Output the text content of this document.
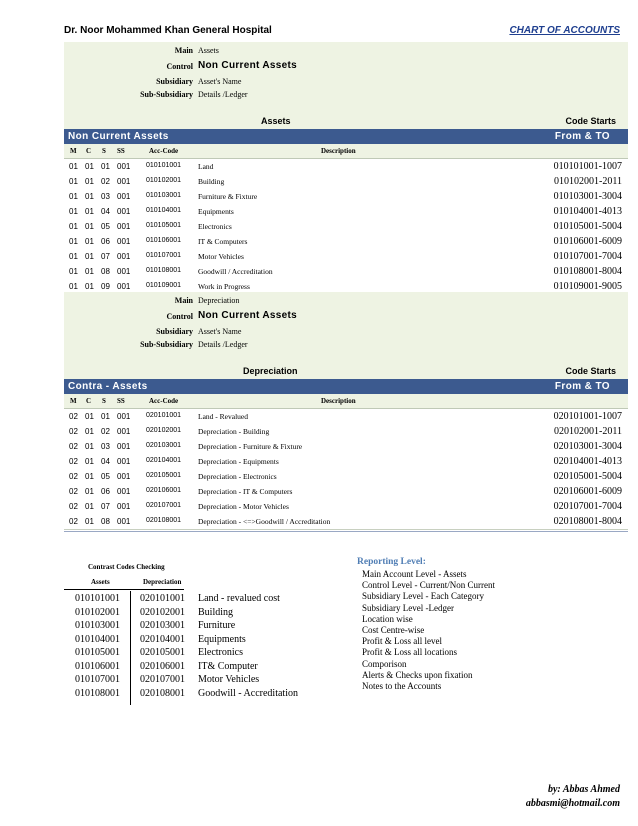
Dr. Noor Mohammed Khan General Hospital	CHART OF ACCOUNTS
Main Assets
Control Non Current Assets
Subsidiary Asset's Name
Sub-Subsidiary Details /Ledger
Assets	Code Starts
Non Current Assets	From & TO
M C S SS	Acc-Code	Description
01 01 01 001 010101001 Land	010101001-1007
01 01 02 001 010102001 Building	010102001-2011
01 01 03 001 010103001 Furniture & Fixture	010103001-3004
01 01 04 001 010104001 Equipments	010104001-4013
01 01 05 001 010105001 Electronics	010105001-5004
01 01 06 001 010106001 IT & Computers	010106001-6009
01 01 07 001 010107001 Motor Vehicles	010107001-7004
01 01 08 001 010108001 Goodwill / Accreditation	010108001-8004
01 01 09 001 010109001 Work in Progress	010109001-9005
Main Depreciation
Control Non Current Assets
Subsidiary Asset's Name
Sub-Subsidiary Details /Ledger
Depreciation	Code Starts
Contra - Assets	From & TO
M C S SS	Acc-Code	Description
02 01 01 001 020101001 Land - Revalued	020101001-1007
02 01 02 001 020102001 Depreciation - Building	020102001-2011
02 01 03 001 020103001 Depreciation - Furniture & Fixture	020103001-3004
02 01 04 001 020104001 Depreciation - Equipments	020104001-4013
02 01 05 001 020105001 Depreciation - Electronics	020105001-5004
02 01 06 001 020106001 Depreciation - IT & Computers	020106001-6009
02 01 07 001 020107001 Depreciation - Motor Vehicles	020107001-7004
02 01 08 001 020108001 Depreciation - <=>Goodwill / Accreditation	020108001-8004
Contrast Codes Checking
Assets	Depreciation
010101001 020101001 Land - revalued cost
010102001 020102001 Building
010103001 020103001 Furniture
010104001 020104001 Equipments
010105001 020105001 Electronics
010106001 020106001 IT& Computer
010107001 020107001 Motor Vehicles
010108001 020108001 Goodwill - Accreditation
Reporting Level:
Main Account Level - Assets
Control Level - Current/Non Current
Subsidiary Level - Each Category
Subsidiary Level -Ledger
Location wise
Cost Centre-wise
Profit & Loss all level
Profit & Loss all locations
Comporison
Alerts & Checks upon fixation
Notes to the Accounts
by: Abbas Ahmed
abbasmi@hotmail.com
